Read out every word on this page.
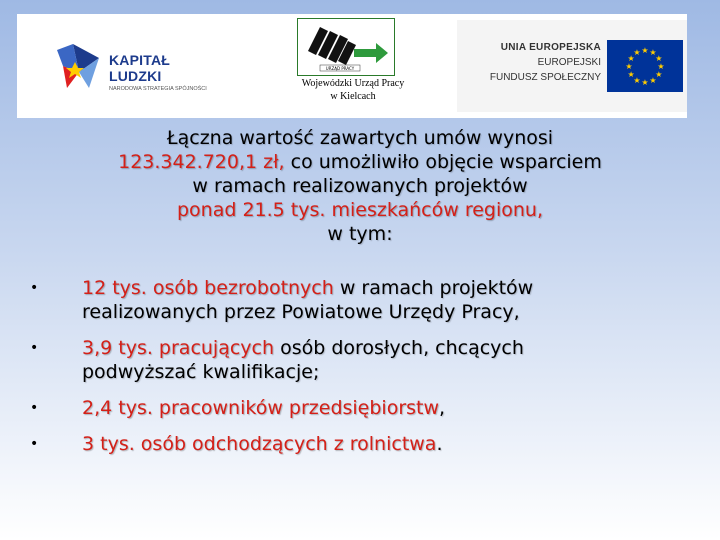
KAPITAŁ LUDZKI
NARODOWA STRATEGIA SPÓJNOŚCI
URZĄD PRACY
Wojewódzki Urząd Pracy
w Kielcach
UNIA EUROPEJSKA
EUROPEJSKI
FUNDUSZ SPOŁECZNY
★ ★
★
★
★
★
★
★
★
★
★
★
Łączna wartość zawartych umów wynosi
123.342.720,1 zł, co umożliwiło objęcie wsparciem
w ramach realizowanych projektów
ponad 21.5 tys. mieszkańców regionu,
w tym:
• 12 tys. osób bezrobotnych w ramach projektów realizowanych przez Powiatowe Urzędy Pracy,
• 3,9 tys. pracujących osób dorosłych, chcących podwyższać kwalifikacje;
• 2,4 tys. pracowników przedsiębiorstw,
• 3 tys. osób odchodzących z rolnictwa.
